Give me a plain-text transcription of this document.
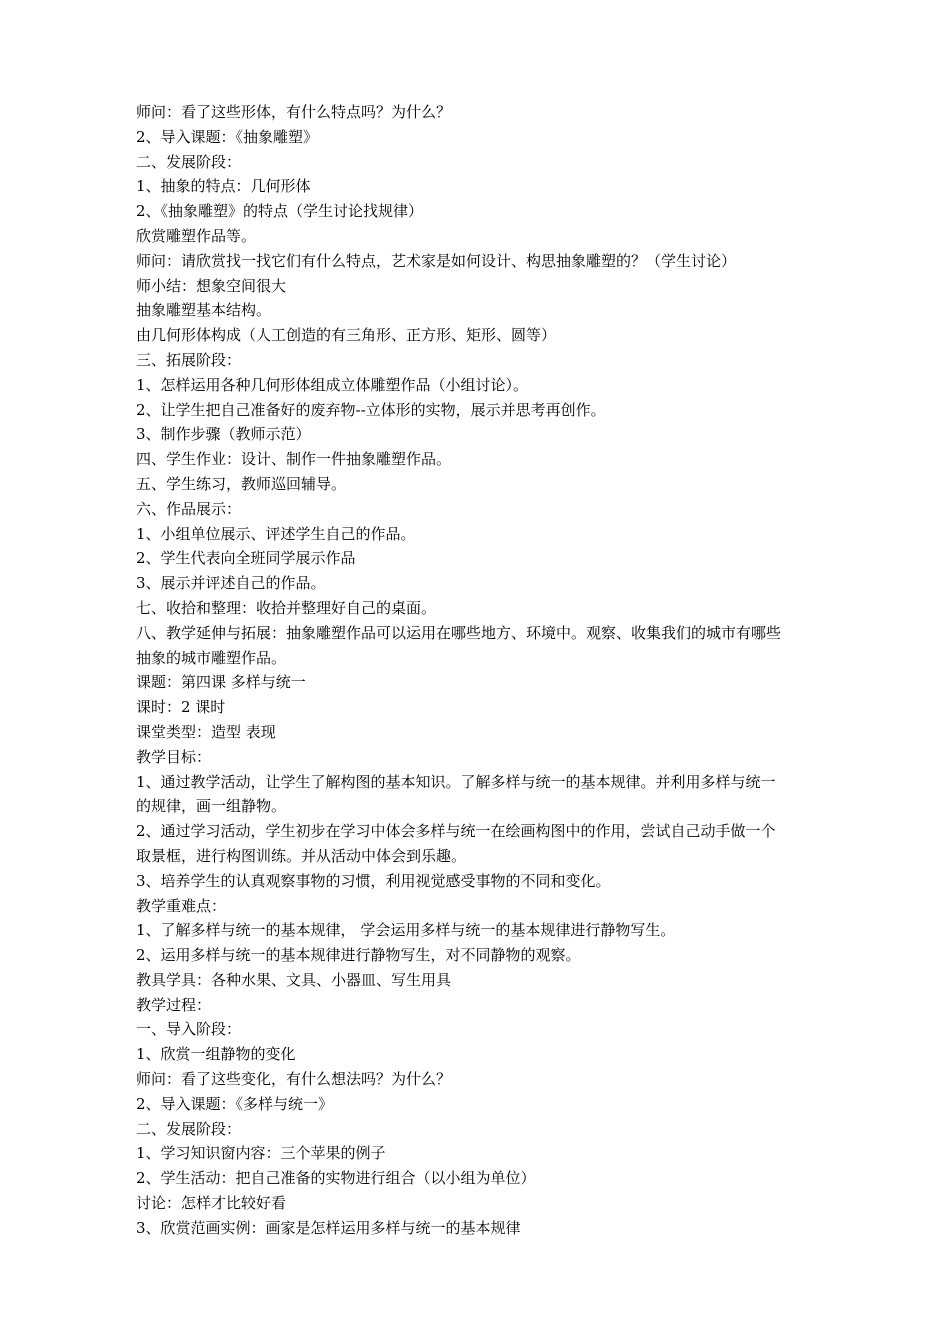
师问：看了这些形体，有什么特点吗？为什么？
2、导入课题：《抽象雕塑》
二、发展阶段：
1、抽象的特点：几何形体
2、《抽象雕塑》的特点（学生讨论找规律）
欣赏雕塑作品等。
师问：请欣赏找一找它们有什么特点，艺术家是如何设计、构思抽象雕塑的？（学生讨论）
师小结：想象空间很大
抽象雕塑基本结构。
由几何形体构成（人工创造的有三角形、正方形、矩形、圆等）
三、拓展阶段：
1、怎样运用各种几何形体组成立体雕塑作品（小组讨论）。
2、让学生把自己准备好的废弃物--立体形的实物，展示并思考再创作。
3、制作步骤（教师示范）
四、学生作业：设计、制作一件抽象雕塑作品。
五、学生练习，教师巡回辅导。
六、作品展示：
1、小组单位展示、评述学生自己的作品。
2、学生代表向全班同学展示作品
3、展示并评述自己的作品。
七、收拾和整理：收拾并整理好自己的桌面。
八、教学延伸与拓展：抽象雕塑作品可以运用在哪些地方、环境中。观察、收集我们的城市有哪些
抽象的城市雕塑作品。
课题：第四课 多样与统一
课时：2 课时
课堂类型：造型 表现
教学目标：
1、通过教学活动，让学生了解构图的基本知识。了解多样与统一的基本规律。并利用多样与统一
的规律，画一组静物。
2、通过学习活动，学生初步在学习中体会多样与统一在绘画构图中的作用，尝试自己动手做一个
取景框，进行构图训练。并从活动中体会到乐趣。
3、培养学生的认真观察事物的习惯，利用视觉感受事物的不同和变化。
教学重难点：
1、了解多样与统一的基本规律， 学会运用多样与统一的基本规律进行静物写生。
2、运用多样与统一的基本规律进行静物写生，对不同静物的观察。
教具学具：各种水果、文具、小器皿、写生用具
教学过程：
一、导入阶段：
1、欣赏一组静物的变化
师问：看了这些变化，有什么想法吗？为什么？
2、导入课题：《多样与统一》
二、发展阶段：
1、学习知识窗内容：三个苹果的例子
2、学生活动：把自己准备的实物进行组合（以小组为单位）
讨论：怎样才比较好看
3、欣赏范画实例：画家是怎样运用多样与统一的基本规律
